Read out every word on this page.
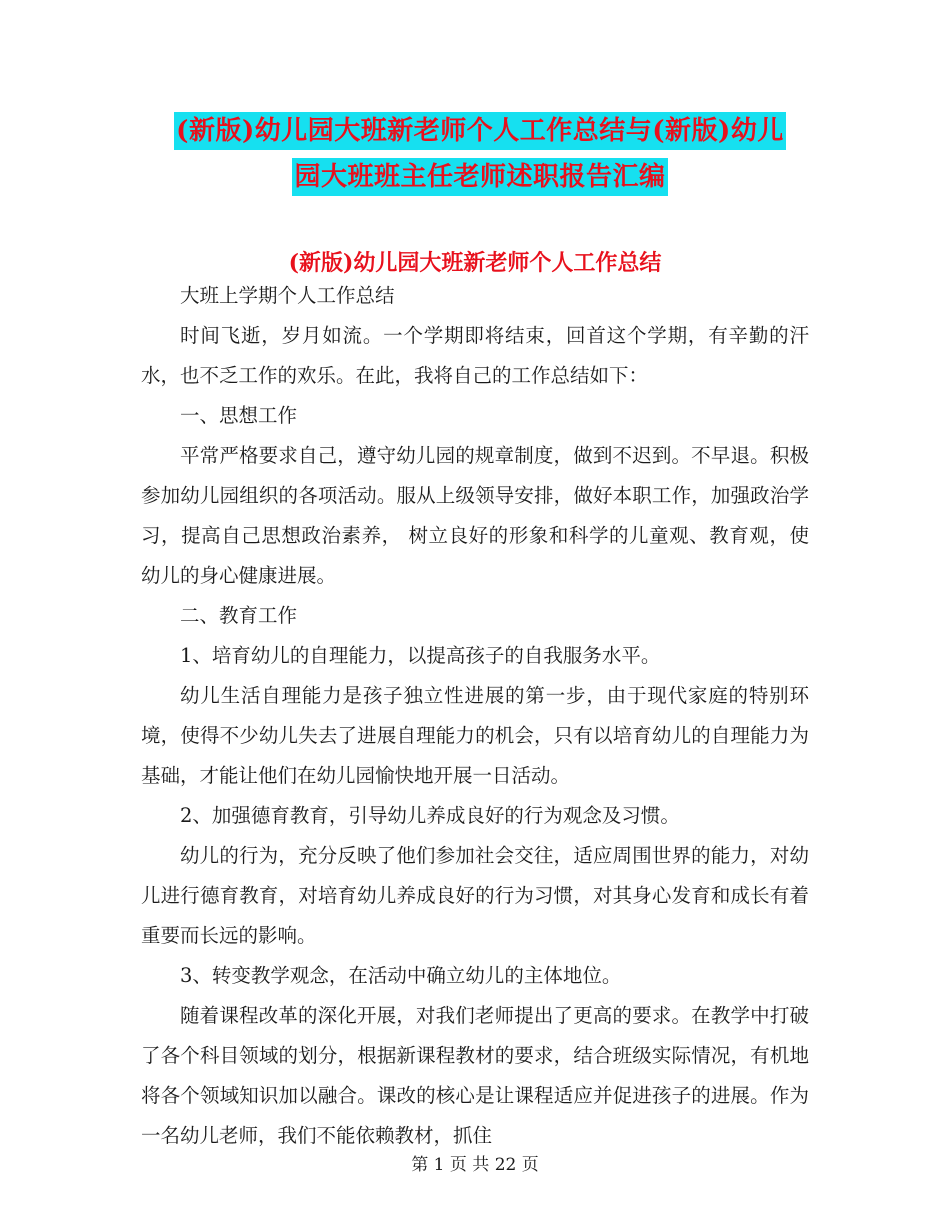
(新版)幼儿园大班新老师个人工作总结与(新版)幼儿
园大班班主任老师述职报告汇编
(新版)幼儿园大班新老师个人工作总结

大班上学期个人工作总结

时间飞逝，岁月如流。一个学期即将结束，回首这个学期，有辛勤的汗水，也不乏工作的欢乐。在此，我将自己的工作总结如下：

一、思想工作

平常严格要求自己，遵守幼儿园的规章制度，做到不迟到。不早退。积极参加幼儿园组织的各项活动。服从上级领导安排，做好本职工作，加强政治学习，提高自己思想政治素养， 树立良好的形象和科学的儿童观、教育观，使幼儿的身心健康进展。

二、教育工作

1、培育幼儿的自理能力，以提高孩子的自我服务水平。

幼儿生活自理能力是孩子独立性进展的第一步，由于现代家庭的特别环境，使得不少幼儿失去了进展自理能力的机会，只有以培育幼儿的自理能力为基础，才能让他们在幼儿园愉快地开展一日活动。

2、加强德育教育，引导幼儿养成良好的行为观念及习惯。

幼儿的行为，充分反映了他们参加社会交往，适应周围世界的能力，对幼儿进行德育教育，对培育幼儿养成良好的行为习惯，对其身心发育和成长有着重要而长远的影响。

3、转变教学观念，在活动中确立幼儿的主体地位。

随着课程改革的深化开展，对我们老师提出了更高的要求。在教学中打破了各个科目领域的划分，根据新课程教材的要求，结合班级实际情况，有机地将各个领域知识加以融合。课改的核心是让课程适应并促进孩子的进展。作为一名幼儿老师，我们不能依赖教材，抓住

第 1 页 共 22 页
